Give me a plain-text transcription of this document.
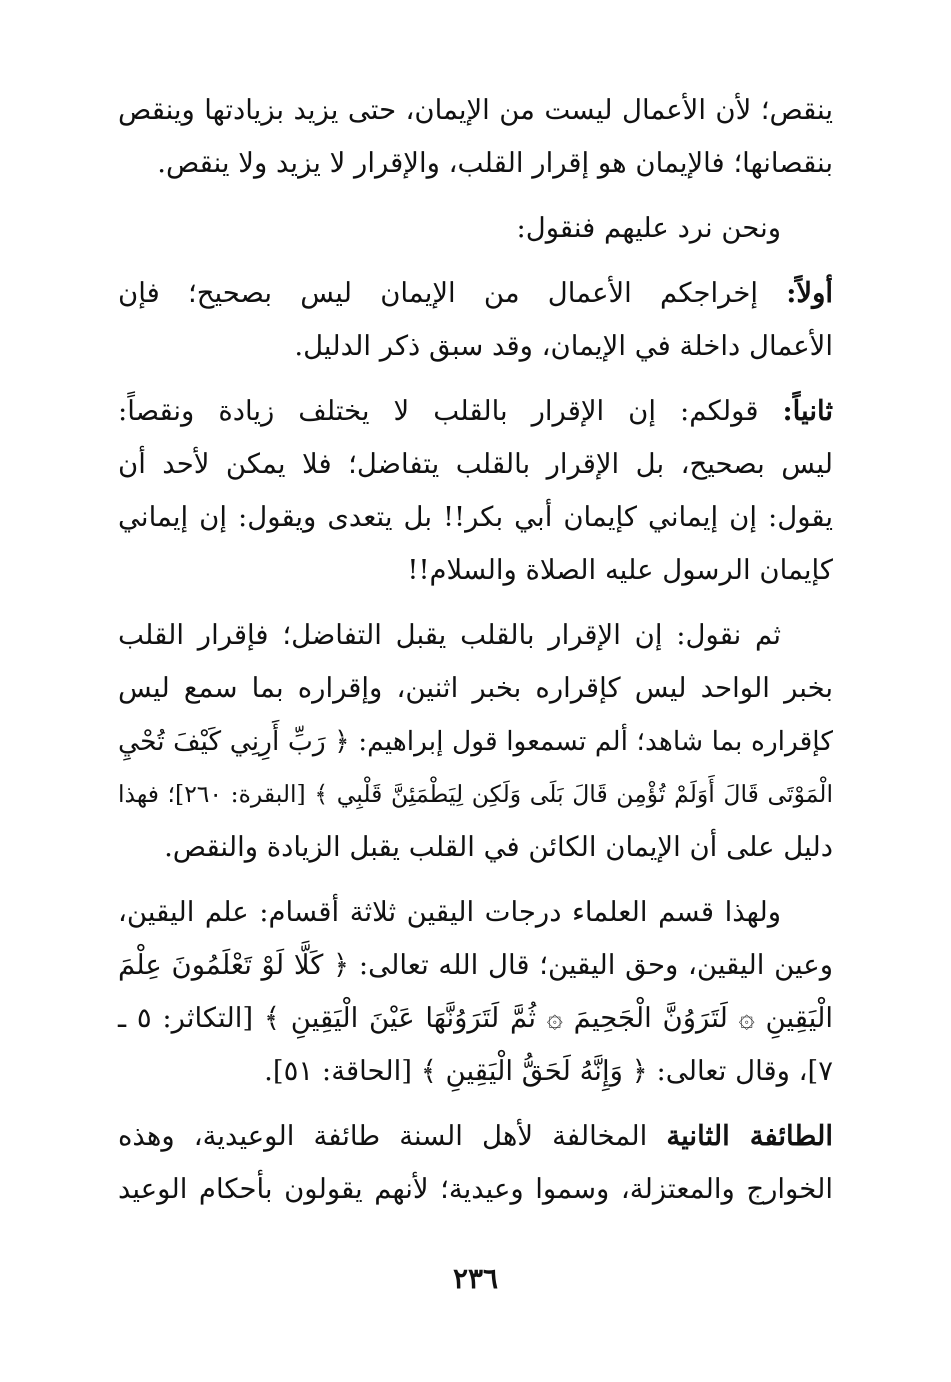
ينقص؛ لأن الأعمال ليست من الإيمان، حتى يزيد بزيادتها وينقص
بنقصانها؛ فالإيمان هو إقرار القلب، والإقرار لا يزيد ولا ينقص.

ونحن نرد عليهم فنقول:

أولاً: إخراجكم الأعمال من الإيمان ليس بصحيح؛ فإن
الأعمال داخلة في الإيمان، وقد سبق ذكر الدليل.

ثانياً: قولكم: إن الإقرار بالقلب لا يختلف زيادة ونقصاً:
ليس بصحيح، بل الإقرار بالقلب يتفاضل؛ فلا يمكن لأحد أن
يقول: إن إيماني كإيمان أبي بكر!! بل يتعدى ويقول: إن إيماني
كإيمان الرسول عليه الصلاة والسلام!!

ثم نقول: إن الإقرار بالقلب يقبل التفاضل؛ فإقرار القلب
بخبر الواحد ليس كإقراره بخبر اثنين، وإقراره بما سمع ليس
كإقراره بما شاهد؛ ألم تسمعوا قول إبراهيم: ﴿ رَبِّ أَرِنِي كَيْفَ تُحْيِ
الْمَوْتَى قَالَ أَوَلَمْ تُؤْمِن قَالَ بَلَى وَلَكِن لِيَطْمَئِنَّ قَلْبِي ﴾ [البقرة: ٢٦٠]؛ فهذا
دليل على أن الإيمان الكائن في القلب يقبل الزيادة والنقص.

ولهذا قسم العلماء درجات اليقين ثلاثة أقسام: علم اليقين،
وعين اليقين، وحق اليقين؛ قال الله تعالى: ﴿ كَلَّا لَوْ تَعْلَمُونَ عِلْمَ
الْيَقِينِ ۞ لَتَرَوُنَّ الْجَحِيمَ ۞ ثُمَّ لَتَرَوُنَّهَا عَيْنَ الْيَقِينِ ﴾ [التكاثر: ٥ ـ
٧]، وقال تعالى: ﴿ وَإِنَّهُ لَحَقُّ الْيَقِينِ ﴾ [الحاقة: ٥١].

الطائفة الثانية المخالفة لأهل السنة طائفة الوعيدية، وهذه
الخوارج والمعتزلة، وسموا وعيدية؛ لأنهم يقولون بأحكام الوعيد

٢٣٦
